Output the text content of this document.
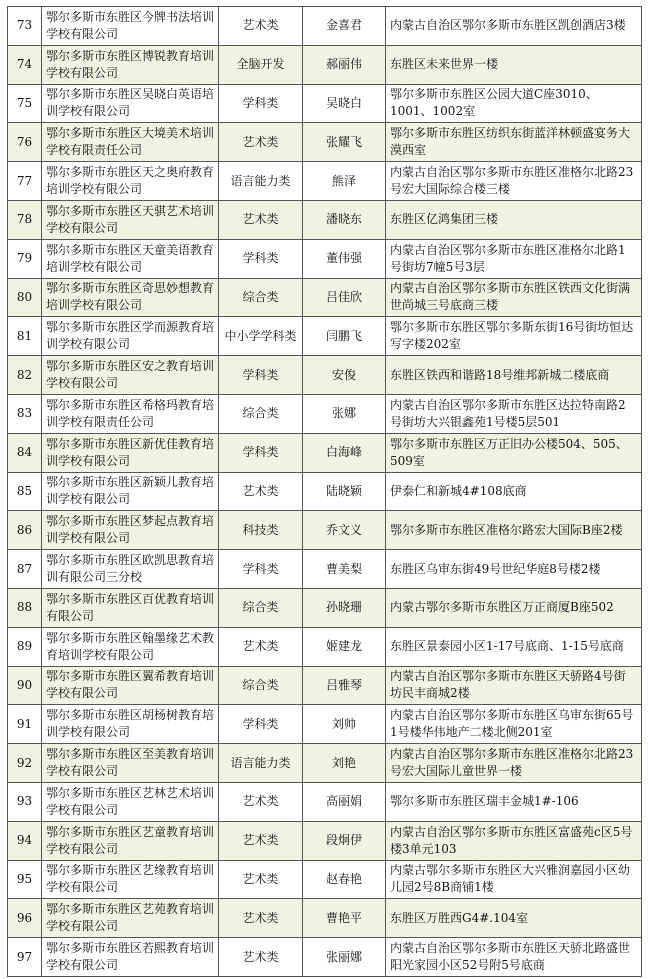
73	鄂尔多斯市东胜区今牌书法培训学校有限公司	艺术类	金喜君	内蒙古自治区鄂尔多斯市东胜区凯创酒店3楼
74	鄂尔多斯市东胜区博锐教育培训学校有限公司	全脑开发	郝丽伟	东胜区未来世界一楼
75	鄂尔多斯市东胜区吴晓白英语培训学校有限公司	学科类	吴晓白	鄂尔多斯市东胜区公园大道C座3010、1001、1002室
76	鄂尔多斯市东胜区大境美术培训学校有限责任公司	艺术类	张耀飞	鄂尔多斯市东胜区纺织东街蓝洋林顿盛宴务大漠西室
77	鄂尔多斯市东胜区天之奥府教育培训学校有限公司	语言能力类	熊泽	内蒙古自治区鄂尔多斯市东胜区准格尔北路23号宏大国际综合楼三楼
78	鄂尔多斯市东胜区天骐艺术培训学校有限公司	艺术类	潘晓东	东胜区亿鸿集团三楼
79	鄂尔多斯市东胜区天童美语教育培训学校有限公司	学科类	董伟强	内蒙古自治区鄂尔多斯市东胜区准格尔北路1号街坊7幢5号3层
80	鄂尔多斯市东胜区奇思妙想教育培训学校有限公司	综合类	吕佳欣	内蒙古自治区鄂尔多斯市东胜区铁西文化街满世尚城三号底商三楼
81	鄂尔多斯市东胜区学而源教育培训学校有限公司	中小学学科类	闫鹏飞	鄂尔多斯市东胜区鄂尔多斯东街16号街坊恒达写字楼202室
82	鄂尔多斯市东胜区安之教育培训学校有限公司	学科类	安俊	东胜区铁西和谐路18号维邦新城二楼底商
83	鄂尔多斯市东胜区希格玛教育培训学校有限责任公司	综合类	张娜	内蒙古自治区鄂尔多斯市东胜区达拉特南路2号街坊大兴银鑫苑1号楼5层501
84	鄂尔多斯市东胜区新优佳教育培训学校有限公司	学科类	白海峰	鄂尔多斯市东胜区万正旧办公楼504、505、509室
85	鄂尔多斯市东胜区新颖儿教育培训学校有限公司	艺术类	陆晓颖	伊泰仁和新城4#108底商
86	鄂尔多斯市东胜区梦起点教育培训学校有限公司	科技类	乔文义	鄂尔多斯市东胜区准格尔路宏大国际B座2楼
87	鄂尔多斯市东胜区欧凯思教育培训有限公司三分校	学科类	曹美梨	东胜区乌审东街49号世纪华庭8号楼2楼
88	鄂尔多斯市东胜区百优教育培训有限公司	综合类	孙晓珊	内蒙古鄂尔多斯市东胜区万正商厦B座502
89	鄂尔多斯市东胜区翰墨缘艺术教育培训学校有限公司	艺术类	姬建龙	东胜区景泰园小区1-17号底商、1-15号底商
90	鄂尔多斯市东胜区翼希教育培训学校有限公司	综合类	吕雅琴	内蒙古自治区鄂尔多斯市东胜区天骄路4号街坊民丰商城2楼
91	鄂尔多斯市东胜区胡杨树教育培训学校有限公司	学科类	刘帅	内蒙古自治区鄂尔多斯市东胜区乌审东街65号1号楼华伟地产二楼北侧201室
92	鄂尔多斯市东胜区至美教育培训学校有限公司	语言能力类	刘艳	内蒙古自治区鄂尔多斯市东胜区准格尔北路23号宏大国际儿童世界一楼
93	鄂尔多斯市东胜区艺林艺术培训学校有限公司	艺术类	高丽娟	鄂尔多斯市东胜区瑞丰金城1#-106
94	鄂尔多斯市东胜区艺童教育培训学校有限公司	艺术类	段炯伊	内蒙古自治区鄂尔多斯市东胜区富盛苑c区5号楼3单元103
95	鄂尔多斯市东胜区艺缘教育培训学校有限公司	艺术类	赵春艳	内蒙古鄂尔多斯市东胜区大兴雅润嘉园小区幼儿园2号8B商铺1楼
96	鄂尔多斯市东胜区艺苑教育培训学校有限公司	艺术类	曹艳平	东胜区万胜西G4#.104室
97	鄂尔多斯市东胜区若熙教育培训学校有限公司	艺术类	张丽娜	内蒙古自治区鄂尔多斯市东胜区天骄北路盛世阳光家园小区52号附5号底商
